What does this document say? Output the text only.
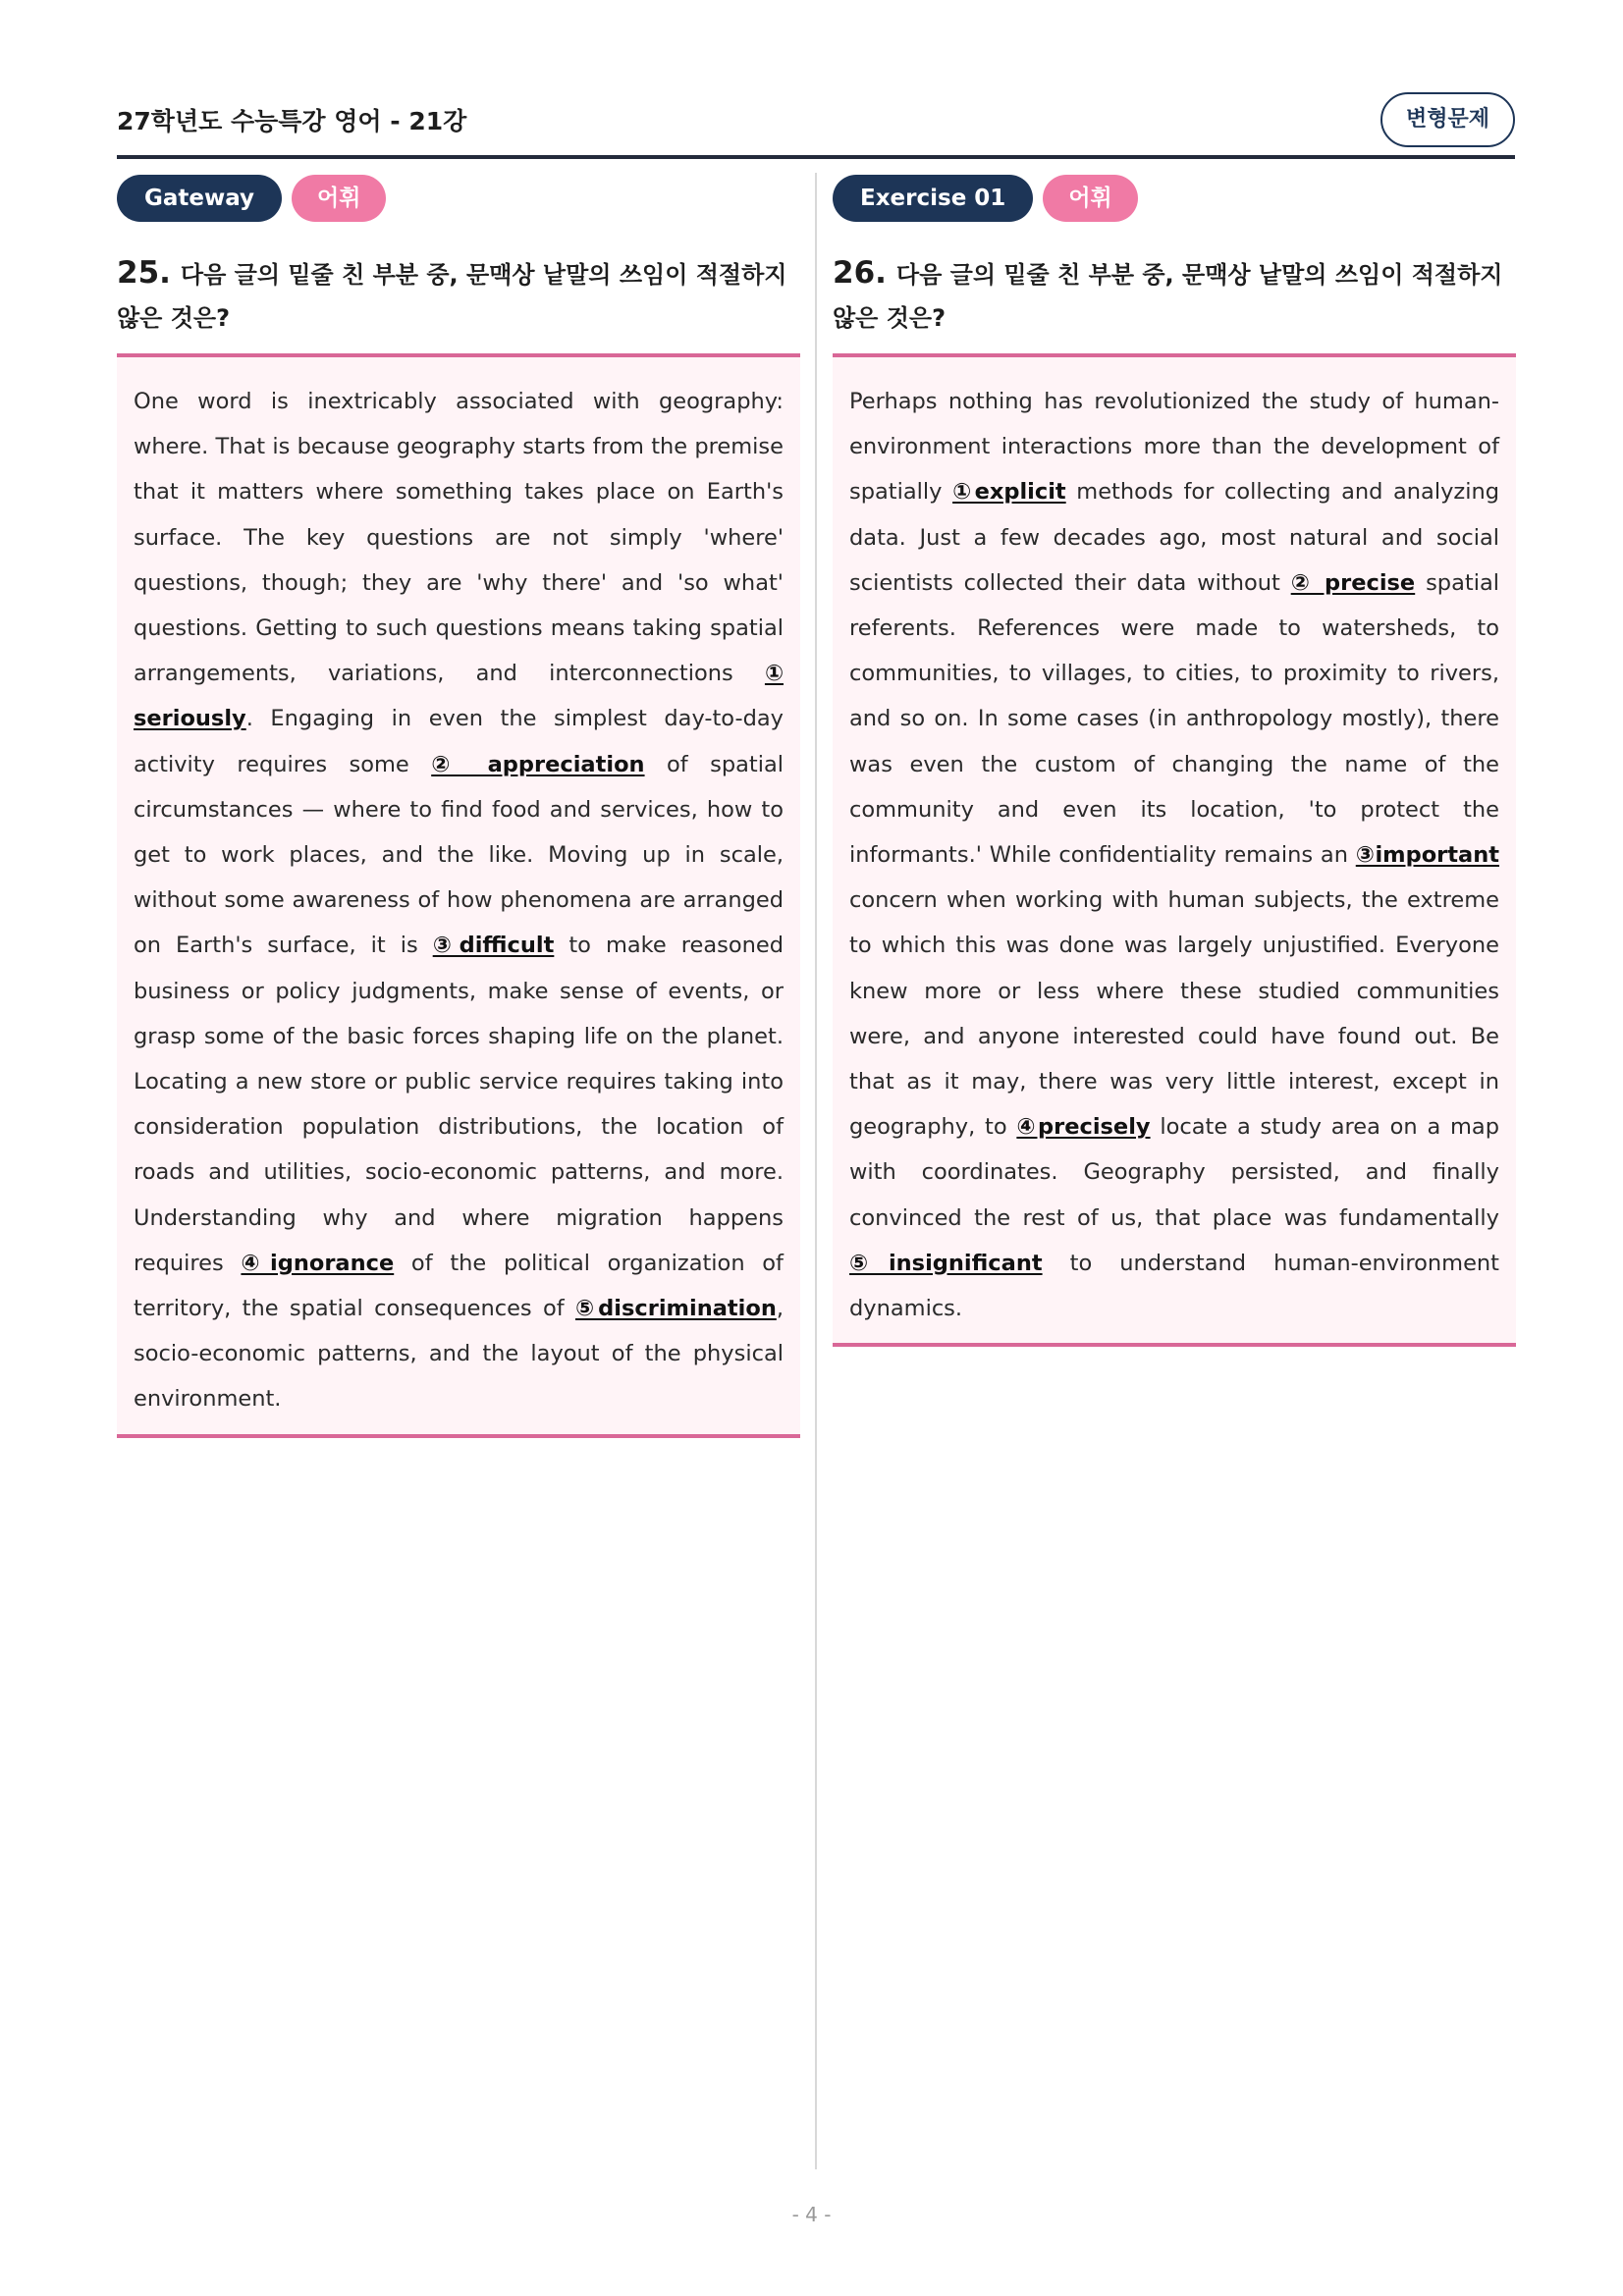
27학년도 수능특강 영어 - 21강	변형문제
Gateway	어휘
25. 다음 글의 밑줄 친 부분 중, 문맥상 낱말의 쓰임이 적절하지 않은 것은?
One word is inextricably associated with geography: where. That is because geography starts from the premise that it matters where something takes place on Earth's surface. The key questions are not simply 'where' questions, though; they are 'why there' and 'so what' questions. Getting to such questions means taking spatial arrangements, variations, and interconnections ① seriously. Engaging in even the simplest day-to-day activity requires some ② appreciation of spatial circumstances — where to find food and services, how to get to work places, and the like. Moving up in scale, without some awareness of how phenomena are arranged on Earth's surface, it is ③difficult to make reasoned business or policy judgments, make sense of events, or grasp some of the basic forces shaping life on the planet. Locating a new store or public service requires taking into consideration population distributions, the location of roads and utilities, socio-economic patterns, and more. Understanding why and where migration happens requires ④ignorance of the political organization of territory, the spatial consequences of ⑤discrimination, socio-economic patterns, and the layout of the physical environment.
Exercise 01	어휘
26. 다음 글의 밑줄 친 부분 중, 문맥상 낱말의 쓰임이 적절하지 않은 것은?
Perhaps nothing has revolutionized the study of human-environment interactions more than the development of spatially ①explicit methods for collecting and analyzing data. Just a few decades ago, most natural and social scientists collected their data without ② precise spatial referents. References were made to watersheds, to communities, to villages, to cities, to proximity to rivers, and so on. In some cases (in anthropology mostly), there was even the custom of changing the name of the community and even its location, 'to protect the informants.' While confidentiality remains an ③important concern when working with human subjects, the extreme to which this was done was largely unjustified. Everyone knew more or less where these studied communities were, and anyone interested could have found out. Be that as it may, there was very little interest, except in geography, to ④precisely locate a study area on a map with coordinates. Geography persisted, and finally convinced the rest of us, that place was fundamentally ⑤insignificant to understand human-environment dynamics.
- 4 -
